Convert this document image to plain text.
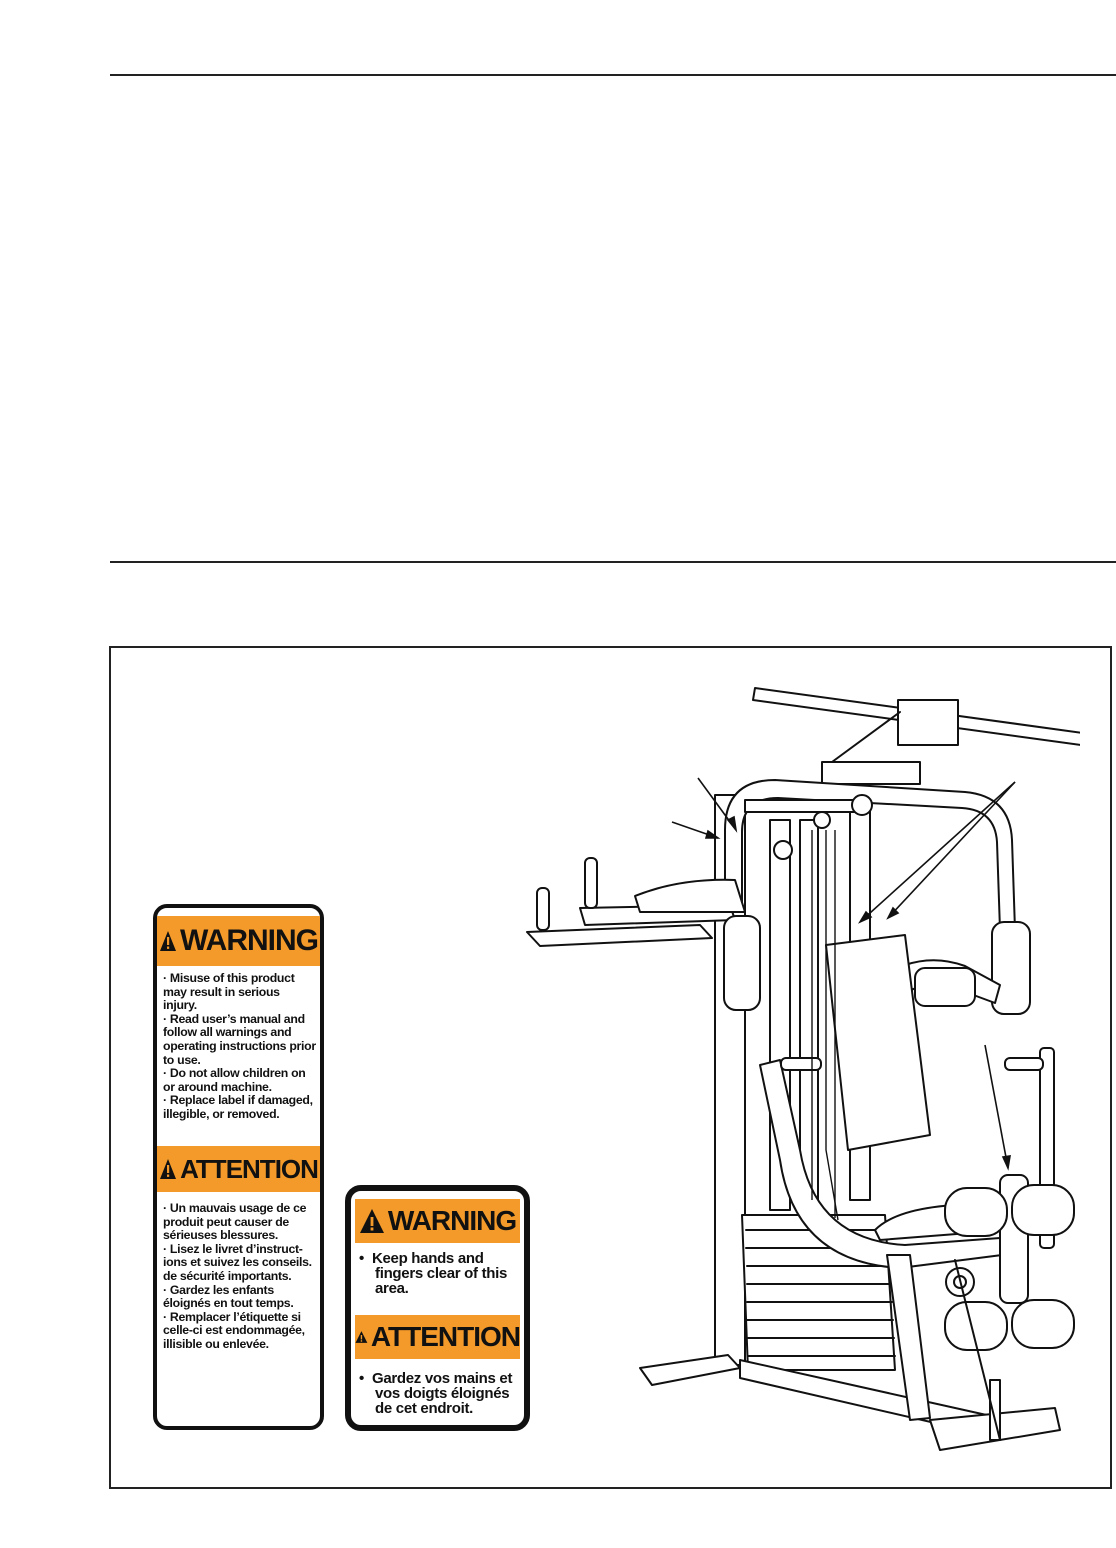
WARNING
· Misuse of this product may result in serious injury.
· Read user’s manual and follow all warnings and operating instructions prior to use.
· Do not allow children on or around machine.
· Replace label if damaged, illegible, or removed.
ATTENTION
· Un mauvais usage de ce produit peut causer de sérieuses blessures.
· Lisez le livret d’instruct-ions et suivez les conseils. de sécurité importants.
· Gardez les enfants éloignés en tout temps.
· Remplacer l’étiquette si celle-ci est endommagée, illisible ou enlevée.
WARNING
• Keep hands and fingers clear of this area.
ATTENTION
• Gardez vos mains et vos doigts éloignés de cet endroit.
